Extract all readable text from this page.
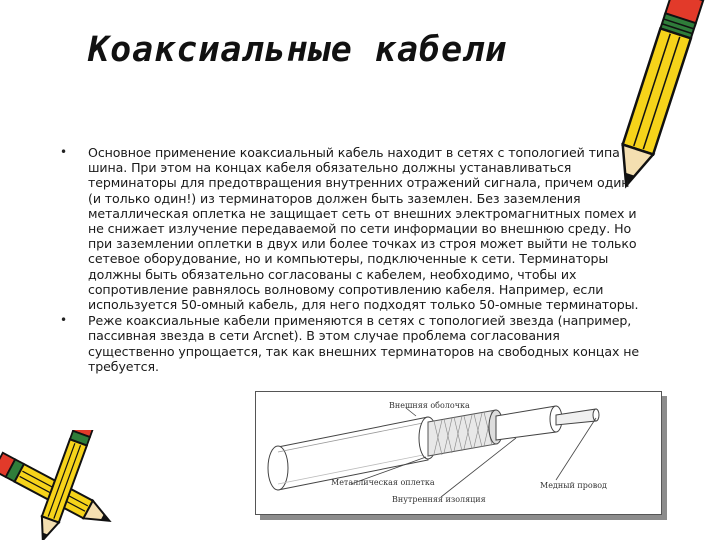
Коаксиальные кабели
• Основное применение коаксиальный кабель находит в сетях с топологией типа шина. При этом на концах кабеля обязательно должны устанавливаться терминаторы для предотвращения внутренних отражений сигнала, причем один (и только один!) из терминаторов должен быть заземлен. Без заземления металлическая оплетка не защищает сеть от внешних электромагнитных помех и не снижает излучение передаваемой по сети информации во внешнюю среду. Но при заземлении оплетки в двух или более точках из строя может выйти не только сетевое оборудование, но и компьютеры, подключенные к сети. Терминаторы должны быть обязательно согласованы с кабелем, необходимо, чтобы их сопротивление равнялось волновому сопротивлению кабеля. Например, если используется 50-омный кабель, для него подходят только 50-омные терминаторы.
• Реже коаксиальные кабели применяются в сетях с топологией звезда (например, пассивная звезда в сети Arcnet). В этом случае проблема согласования существенно упрощается, так как внешних терминаторов на свободных концах не требуется.
Внешняя оболочка
Металлическая оплетка
Внутренняя изоляция
Медный провод
